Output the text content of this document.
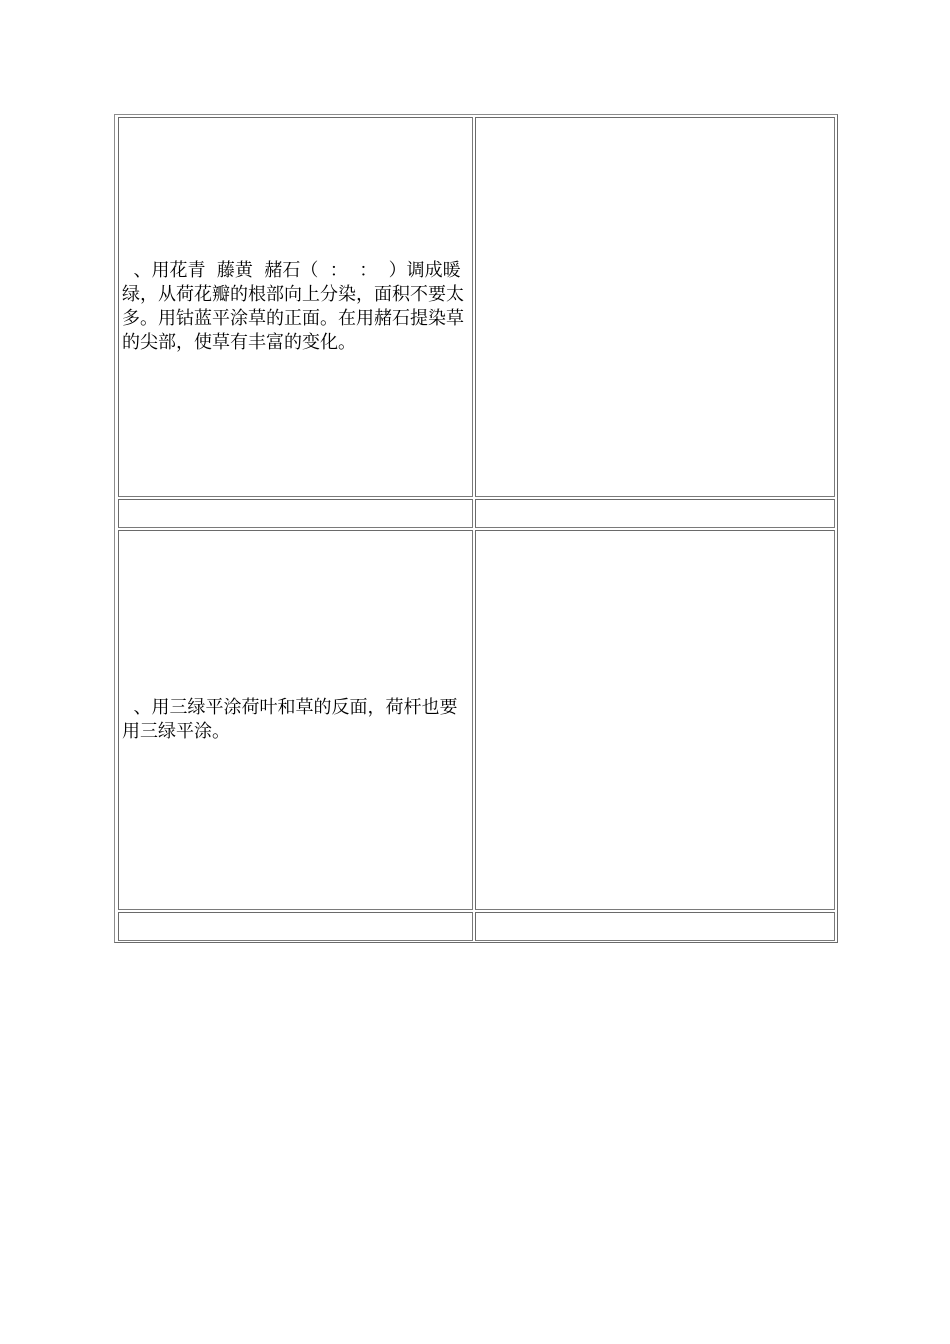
、用花青  藤黄  赭石（  ：  ：  ）调成暖绿，从荷花瓣的根部向上分染，面积不要太多。用钴蓝平涂草的正面。在用赭石提染草的尖部，使草有丰富的变化。
、用三绿平涂荷叶和草的反面，荷杆也要用三绿平涂。
